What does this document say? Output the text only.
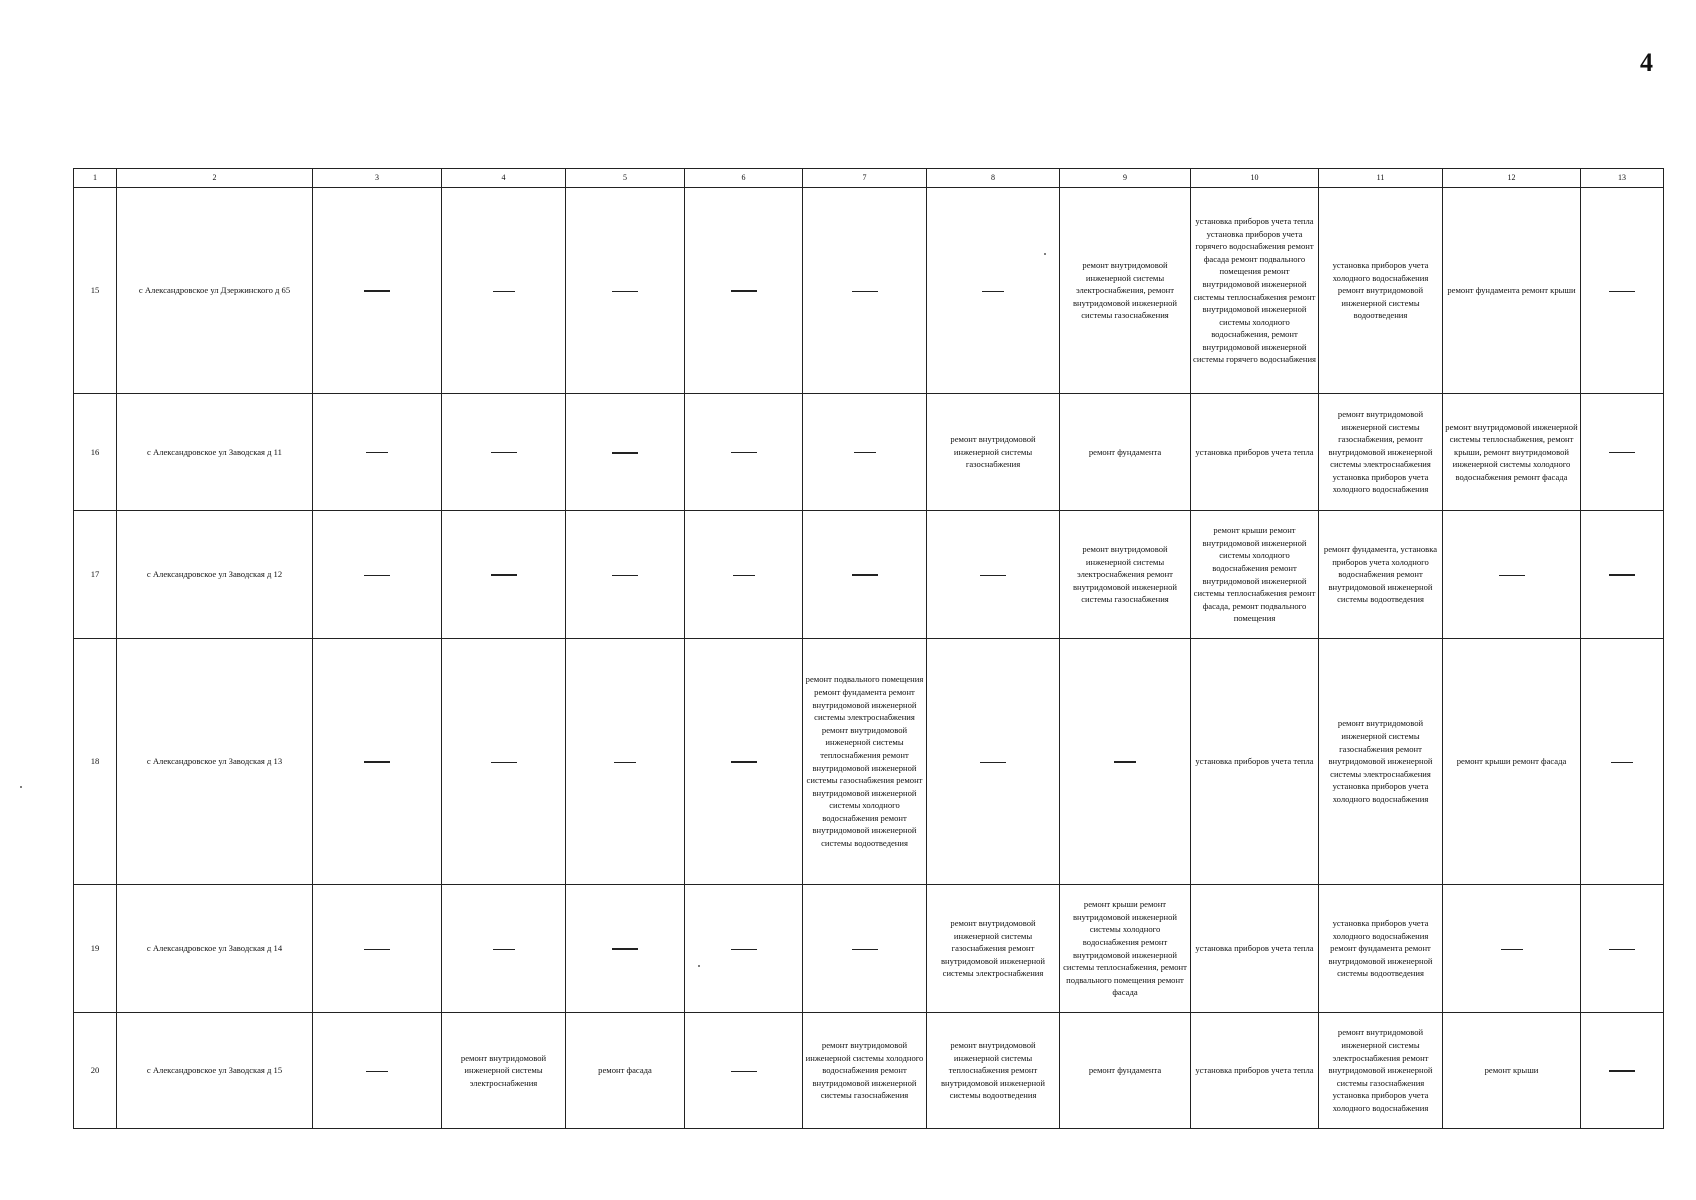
4
1	2	3	4	5	6	7	8	9	10	11	12	13
15	с Александровское ул Дзержинского д 65							ремонт внутридомовой инженерной системы электроснабжения, ремонт внутридомовой инженерной системы газоснабжения	установка приборов учета тепла установка приборов учета горячего водоснабжения ремонт фасада ремонт подвального помещения ремонт внутридомовой инженерной системы теплоснабжения ремонт внутридомовой инженерной системы холодного водоснабжения, ремонт внутридомовой инженерной системы горячего водоснабжения	установка приборов учета холодного водоснабжения ремонт внутридомовой инженерной системы водоотведения	ремонт фундамента ремонт крыши	

16	с Александровское ул Заводская д 11						ремонт внутридомовой инженерной системы газоснабжения	ремонт фундамента	установка приборов учета тепла	ремонт внутридомовой инженерной системы газоснабжения, ремонт внутридомовой инженерной системы электроснабжения установка приборов учета холодного водоснабжения	ремонт внутридомовой инженерной системы теплоснабжения, ремонт крыши, ремонт внутридомовой инженерной системы холодного водоснабжения ремонт фасада	

17	с Александровское ул Заводская д 12							ремонт внутридомовой инженерной системы электроснабжения ремонт внутридомовой инженерной системы газоснабжения	ремонт крыши ремонт внутридомовой инженерной системы холодного водоснабжения ремонт внутридомовой инженерной системы теплоснабжения ремонт фасада, ремонт подвального помещения	ремонт фундамента, установка приборов учета холодного водоснабжения ремонт внутридомовой инженерной системы водоотведения		

18	с Александровское ул Заводская д 13					ремонт подвального помещения ремонт фундамента ремонт внутридомовой инженерной системы электроснабжения ремонт внутридомовой инженерной системы теплоснабжения ремонт внутридомовой инженерной системы газоснабжения ремонт внутридомовой инженерной системы холодного водоснабжения ремонт внутридомовой инженерной системы водоотведения			установка приборов учета тепла	ремонт внутридомовой инженерной системы газоснабжения ремонт внутридомовой инженерной системы электроснабжения установка приборов учета холодного водоснабжения	ремонт крыши ремонт фасада	

19	с Александровское ул Заводская д 14						ремонт внутридомовой инженерной системы газоснабжения ремонт внутридомовой инженерной системы электроснабжения	ремонт крыши ремонт внутридомовой инженерной системы холодного водоснабжения ремонт внутридомовой инженерной системы теплоснабжения, ремонт подвального помещения ремонт фасада	установка приборов учета тепла	установка приборов учета холодного водоснабжения ремонт фундамента ремонт внутридомовой инженерной системы водоотведения		

20	с Александровское ул Заводская д 15		ремонт внутридомовой инженерной системы электроснабжения	ремонт фасада		ремонт внутридомовой инженерной системы холодного водоснабжения ремонт внутридомовой инженерной системы газоснабжения	ремонт внутридомовой инженерной системы теплоснабжения ремонт внутридомовой инженерной системы водоотведения	ремонт фундамента	установка приборов учета тепла	ремонт внутридомовой инженерной системы электроснабжения ремонт внутридомовой инженерной системы газоснабжения установка приборов учета холодного водоснабжения	ремонт крыши	
